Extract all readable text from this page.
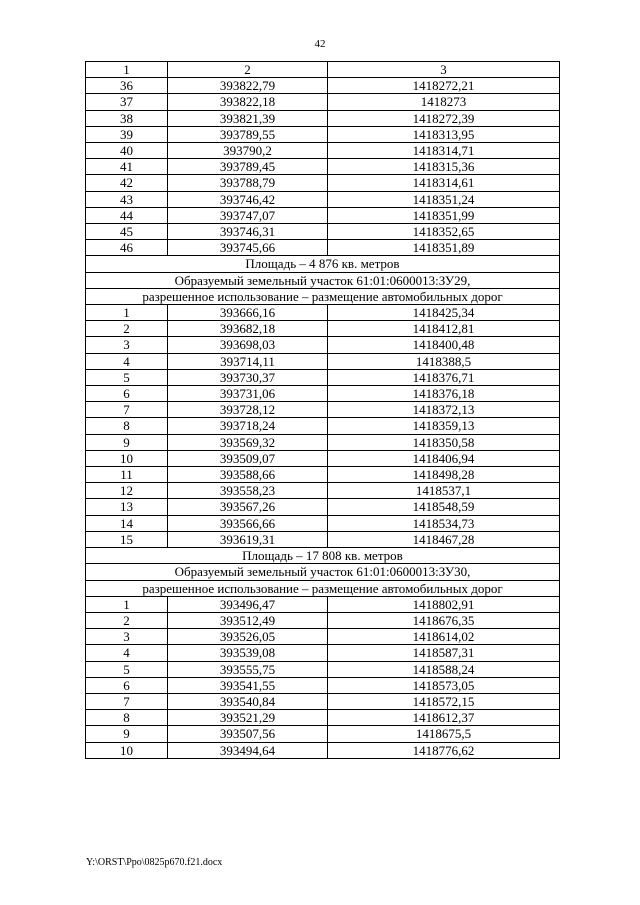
42
1	2	3
36	393822,79	1418272,21
37	393822,18	1418273
38	393821,39	1418272,39
39	393789,55	1418313,95
40	393790,2	1418314,71
41	393789,45	1418315,36
42	393788,79	1418314,61
43	393746,42	1418351,24
44	393747,07	1418351,99
45	393746,31	1418352,65
46	393745,66	1418351,89
Площадь – 4 876 кв. метров		
Образуемый земельный участок 61:01:0600013:ЗУ29,		
разрешенное использование – размещение автомобильных дорог		
1	393666,16	1418425,34
2	393682,18	1418412,81
3	393698,03	1418400,48
4	393714,11	1418388,5
5	393730,37	1418376,71
6	393731,06	1418376,18
7	393728,12	1418372,13
8	393718,24	1418359,13
9	393569,32	1418350,58
10	393509,07	1418406,94
11	393588,66	1418498,28
12	393558,23	1418537,1
13	393567,26	1418548,59
14	393566,66	1418534,73
15	393619,31	1418467,28
Площадь – 17 808 кв. метров		
Образуемый земельный участок 61:01:0600013:ЗУ30,		
разрешенное использование – размещение автомобильных дорог		
1	393496,47	1418802,91
2	393512,49	1418676,35
3	393526,05	1418614,02
4	393539,08	1418587,31
5	393555,75	1418588,24
6	393541,55	1418573,05
7	393540,84	1418572,15
8	393521,29	1418612,37
9	393507,56	1418675,5
10	393494,64	1418776,62
Y:\ORST\Ppo\0825p670.f21.docx
